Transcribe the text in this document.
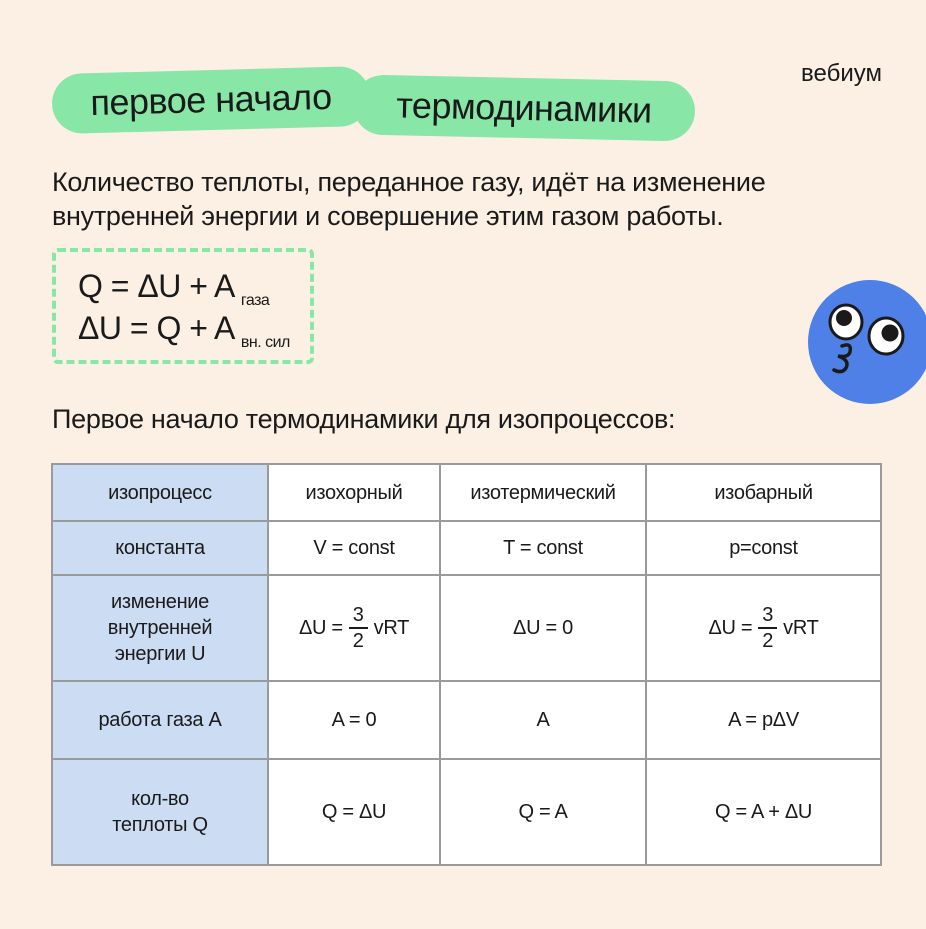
первое начало термодинамики
вебиум
Количество теплоты, переданное газу, идёт на изменение внутренней энергии и совершение этим газом работы.
Q = ΔU + A $_{газа}$
ΔU = Q + A $_{вн. сил}$
Первое начало термодинамики для изопроцессов:
изопроцесс	изохорный	изотермический	изобарный
константа	V = const	T = const	p=const
изменение внутренней энергии U	$\Delta U = \frac{3}{2}$ vRT	ΔU = 0	$\Delta U = \frac{3}{2}$ vRT

работа газа A	A = 0	A	A = pΔV
кол-во теплоты Q	Q = ΔU	Q = A	Q = A + ΔU
